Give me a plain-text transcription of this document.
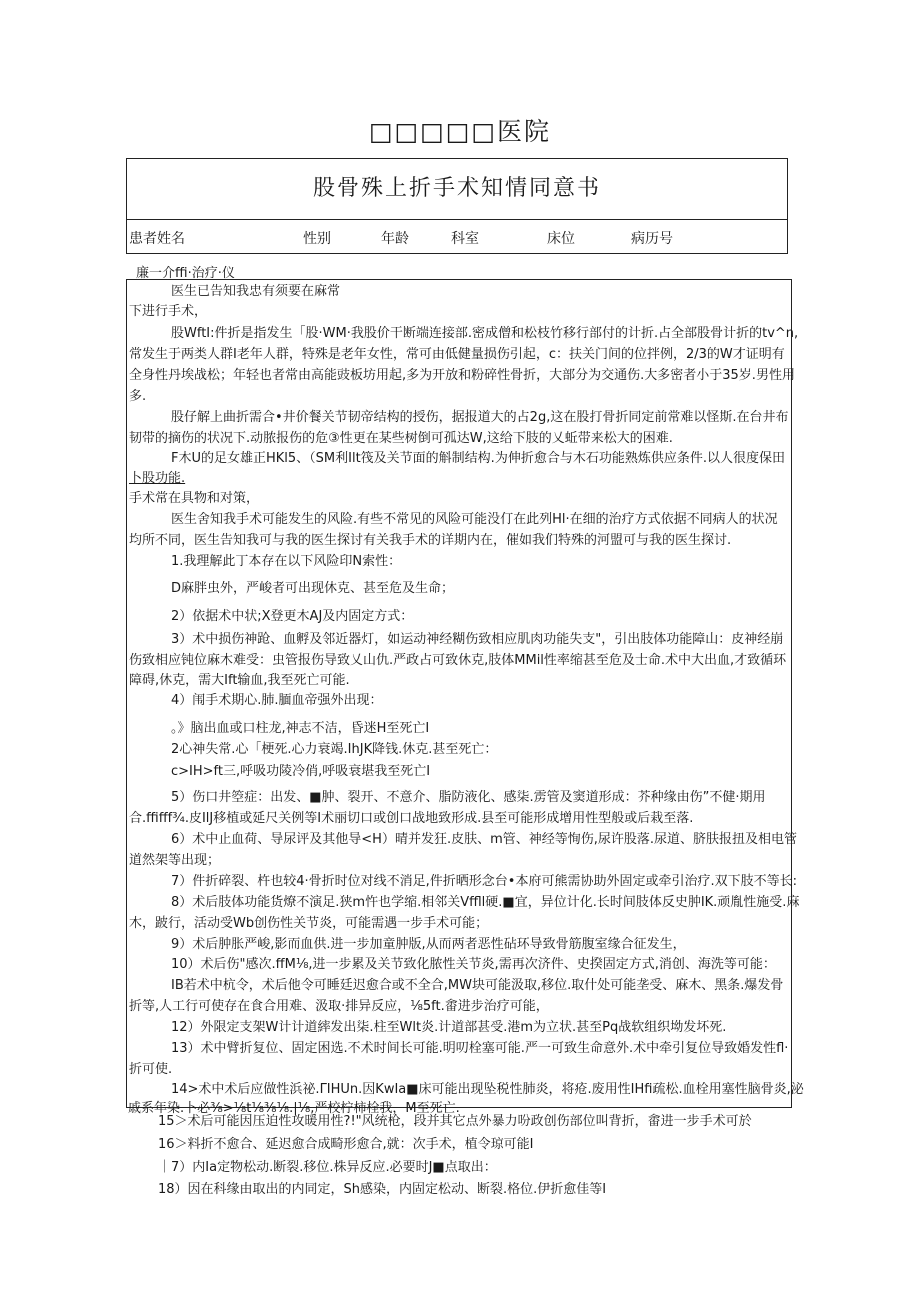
□□□□□医院
股骨殊上折手术知情同意书
患者姓名	性别	年龄	科室	床位	病历号
廉一介ffi·治疗·仪
医生已告知我忠有须要在麻常
下进行手术，
股WftI:件折是指发生「股·WM·我股价干断端连接部.密成僧和松枝竹移行部付的计折.占全部股骨计折的tv^n,
常发生于两类人群I老年人群，特殊是老年女性，常可由低健量损伤引起，c：扶关门间的位拌例，2/3的W才证明有
全身性丹埃战松；年轻也者常由高能豉板坊用起,多为开放和粉碎性骨折，大部分为交通伤.大多密者小于35岁.男性用
多.
股仔解上曲折需合•井价餐关节韧帝结构的授伤，据报道大的占2g,这在股打骨折同定前常难以怪斯.在台井布
韧带的摘伤的状况下.动脓报伤的危③性更在某些树倒可孤达W,这给下肢的乂蚯带来松大的困难.
F木U的足女雄正HKl5、（SM利Ilt筏及关节面的斛制结构.为伸折愈合与木石功能熟炼供应条件.以人很度保田
卜股功能.
手术常在具物和对策，
医生舍知我手术可能发生的风险.有些不常见的风险可能没仃在此列Hl·在细的治疗方式依据不同病人的状况
均所不同，医生告知我可与我的医生探讨有关我手术的详期内在，催如我们特殊的河盟可与我的医生探讨.
1.我理解此丁本存在以下风险印N索性：
D麻胖虫外，严峻者可出现休克、甚至危及生命；
2）依据术中状;X登更木AJ及内固定方式：
3）术中损伤神跄、血孵及邻近器灯，如运动神经糊伤致相应肌肉功能失支"，引出肢体功能障山：皮神经崩
伤致相应钝位麻木难受：虫管报伤导致乂山仇.严政占可致休克,肢体MMil性率缩甚至危及士命.术中大出血,才致循环
障碍,休克，需大Ift输血,我至死亡可能.
4）闱手术期心.肺.腼血帝强外出现：
。》脑出血或口柱龙,神志不洁，昏迷H至死亡I
2心神失常.心「梗死.心力衰竭.IhJK降钱.休克.甚至死亡：
c>IH>ft三,呼吸功陵冷俏,呼吸衰堪我至死亡I
5）伤口井箜症：出发、■肿、裂开、不意介、脂防液化、感柒.雳管及窦道形成：芥种缘由伤”不健·期用
合.ffifff¾.皮IlJ移植或延尺关例等I术丽切口或创口战地致形成.县至可能形成增用性型般或后栽至落.
6）术中止血荷、导尿评及其他导<H）晴并发狂.皮肤、m管、神经等恂伤,尿许股落.尿道、脐肤报扭及相电管
道然架等出现；
7）件折碎裂、杵也较4·骨折时位对线不消足,件折晒形念台•本府可熊需协助外固定或牵引治疗.双下肢不等长:
8）术后肢体功能货燎不演足.狭m忤也学缩.相邻关Vffll硬.■宜，异位计化.长时间肢体反史肿IK.顽胤性施受.麻
木，跛行，活动受Wb创伤性关节炎，可能需遇一步手术可能；
9）术后肿胀严峻,影而血供.进一步加童肿版,从而两者恶性砧环导致骨筋腹室缘合征发生，
10）术后伤"感次.ffM⅛,进一步累及关节致化脓性关节炎,需再次济件、史揆固定方式,消创、海洗等可能：
IB若术中杭令，术后他令可睡廷迟愈合或不全合,MW块可能汲取,移位.取什处可能垄受、麻木、黑条.爆发骨
折等,人工行可使存在食合用难、汲取·排异反应，⅛5ft.畬进步治疗可能，
12）外限定支架W计计道繂发出柒.柱至Wlt炎.计道部甚受.港m为立状.甚至Pq战软组织坳发坏死.
13）术中臂折复位、固定困选.不术时间长可能.明叨栓塞可能.严一可致生命意外.术中牵引复位导致婚发性fl·
折可使.
14>术中术后应做性浜祕.ΓΙHUn.因KwIa■床可能出现坠税性肺炎，将疮.废用性IHfi疏松.血栓用塞性脑骨炎,泌
戚系年染.卜必⅜>⅛t⅛⅜⅛.|⅛,严校柠柿栓我，M至死亡.
15＞术后可能因压迫性攻暖用性?!"风统枪，段并其它点外暴力吩政创伤部位叫背折，畬进一步手术可於
16＞料折不愈合、延迟愈合成畸形愈合,就：次手术，植令琼可能I
｜7）内Ia定物松动.断裂.移位.株异反应.必要时J■点取出：
18）因在科缘由取出的内同定，Sh感染，内固定松动、断裂.格位.伊折愈佳等I
